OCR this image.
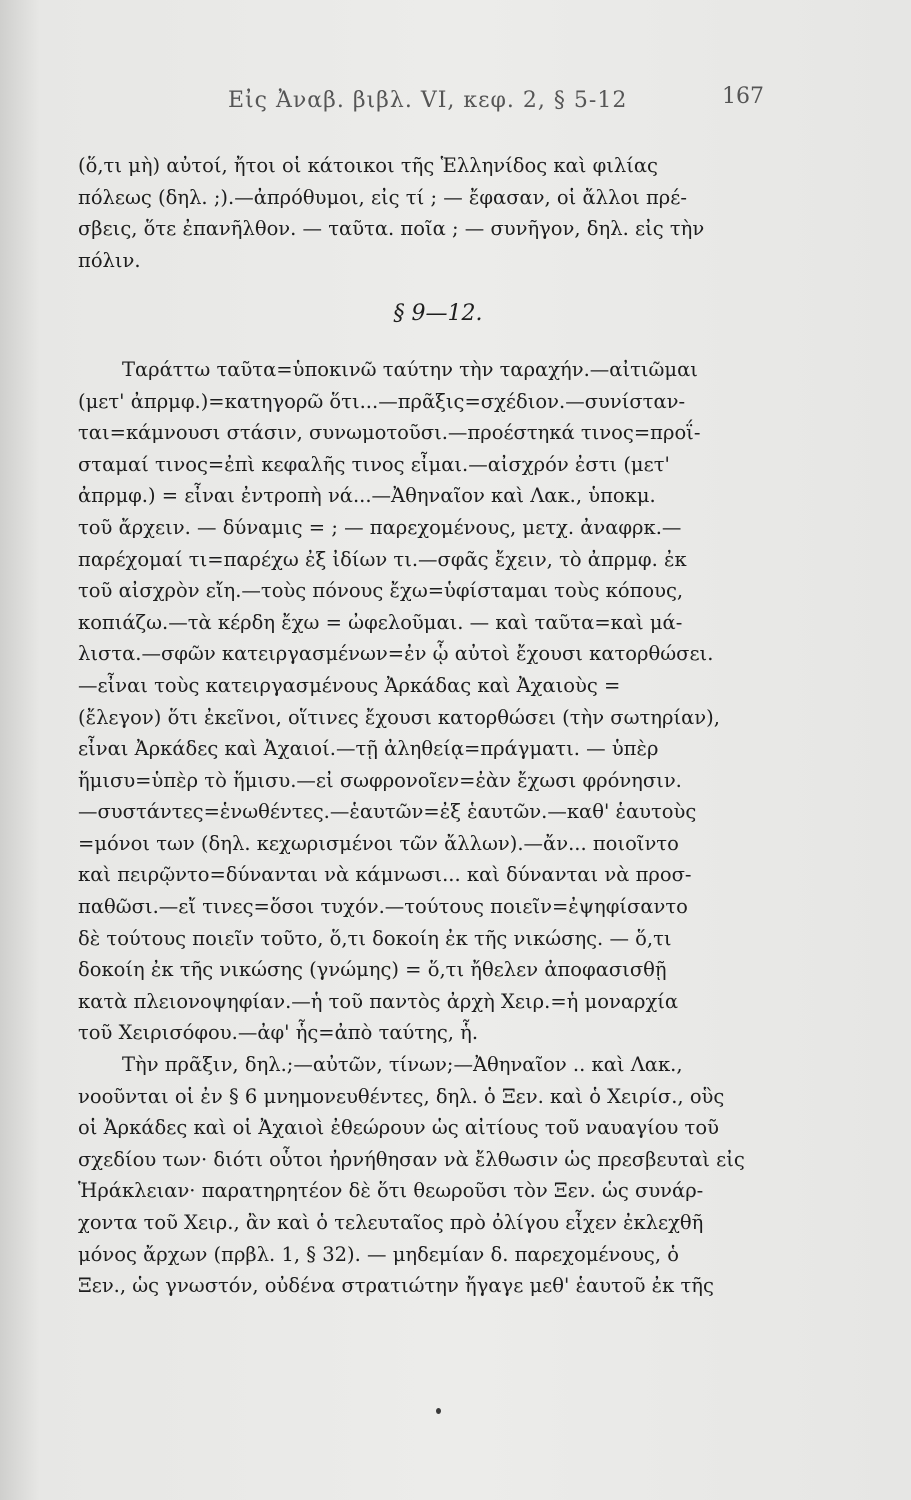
Εἰς Ἀναβ. βιβλ. VI, κεφ. 2, § 5-12	167
(ὅ,τι μὴ) αὐτοί, ἤτοι οἱ κάτοικοι τῆς Ἑλληνίδος καὶ φιλίας
πόλεως (δηλ. ;).—ἀπρόθυμοι, εἰς τί ; — ἔφασαν, οἱ ἄλλοι πρέ-
σβεις, ὅτε ἐπανῆλθον. — ταῦτα. ποῖα ; — συνῆγον, δηλ. εἰς τὴν
πόλιν.
§ 9—12.
Ταράττω ταῦτα=ὑποκινῶ ταύτην τὴν ταραχήν.—αἰτιῶμαι
(μετ' ἀπρμφ.)=κατηγορῶ ὅτι...—πρᾶξις=σχέδιον.—συνίσταν-
ται=κάμνουσι στάσιν, συνωμοτοῦσι.—προέστηκά τινος=προΐ-
σταμαί τινος=ἐπὶ κεφαλῆς τινος εἶμαι.—αἰσχρόν ἐστι (μετ'
ἀπρμφ.) = εἶναι ἐντροπὴ νά...—Ἀθηναῖον καὶ Λακ., ὑποκμ.
τοῦ ἄρχειν. — δύναμις = ; — παρεχομένους, μετχ. ἀναφρκ.—
παρέχομαί τι=παρέχω ἐξ ἰδίων τι.—σφᾶς ἔχειν, τὸ ἀπρμφ. ἐκ
τοῦ αἰσχρὸν εἴη.—τοὺς πόνους ἔχω=ὑφίσταμαι τοὺς κόπους,
κοπιάζω.—τὰ κέρδη ἔχω = ὠφελοῦμαι. — καὶ ταῦτα=καὶ μά-
λιστα.—σφῶν κατειργασμένων=ἐν ᾧ αὐτοὶ ἔχουσι κατορθώσει.
—εἶναι τοὺς κατειργασμένους Ἀρκάδας καὶ Ἀχαιοὺς =
(ἔλεγον) ὅτι ἐκεῖνοι, οἵτινες ἔχουσι κατορθώσει (τὴν σωτηρίαν),
εἶναι Ἀρκάδες καὶ Ἀχαιοί.—τῇ ἀληθείᾳ=πράγματι. — ὑπὲρ
ἥμισυ=ὑπὲρ τὸ ἥμισυ.—εἰ σωφρονοῖεν=ἐὰν ἔχωσι φρόνησιν.
—συστάντες=ἑνωθέντες.—ἑαυτῶν=ἐξ ἑαυτῶν.—καθ' ἑαυτοὺς
=μόνοι των (δηλ. κεχωρισμένοι τῶν ἄλλων).—ἄν... ποιοῖντο
καὶ πειρῷντο=δύνανται νὰ κάμνωσι... καὶ δύνανται νὰ προσ-
παθῶσι.—εἴ τινες=ὅσοι τυχόν.—τούτους ποιεῖν=ἐψηφίσαντο
δὲ τούτους ποιεῖν τοῦτο, ὅ,τι δοκοίη ἐκ τῆς νικώσης. — ὅ,τι
δοκοίη ἐκ τῆς νικώσης (γνώμης) = ὅ,τι ἤθελεν ἀποφασισθῇ
κατὰ πλειονοψηφίαν.—ἡ τοῦ παντὸς ἀρχὴ Χειρ.=ἡ μοναρχία
τοῦ Χειρισόφου.—ἀφ' ἧς=ἀπὸ ταύτης, ἧ.
Τὴν πρᾶξιν, δηλ.;—αὐτῶν, τίνων;—Ἀθηναῖον .. καὶ Λακ.,
νοοῦνται οἱ ἐν § 6 μνημονευθέντες, δηλ. ὁ Ξεν. καὶ ὁ Χειρίσ., οὓς
οἱ Ἀρκάδες καὶ οἱ Ἀχαιοὶ ἐθεώρουν ὡς αἰτίους τοῦ ναυαγίου τοῦ
σχεδίου των· διότι οὗτοι ἠρνήθησαν νὰ ἔλθωσιν ὡς πρεσβευταὶ εἰς
Ἡράκλειαν· παρατηρητέον δὲ ὅτι θεωροῦσι τὸν Ξεν. ὡς συνάρ-
χοντα τοῦ Χειρ., ἂν καὶ ὁ τελευταῖος πρὸ ὀλίγου εἶχεν ἐκλεχθῆ
μόνος ἄρχων (πρβλ. 1, § 32). — μηδεμίαν δ. παρεχομένους, ὁ
Ξεν., ὡς γνωστόν, οὐδένα στρατιώτην ἤγαγε μεθ' ἑαυτοῦ ἐκ τῆς
